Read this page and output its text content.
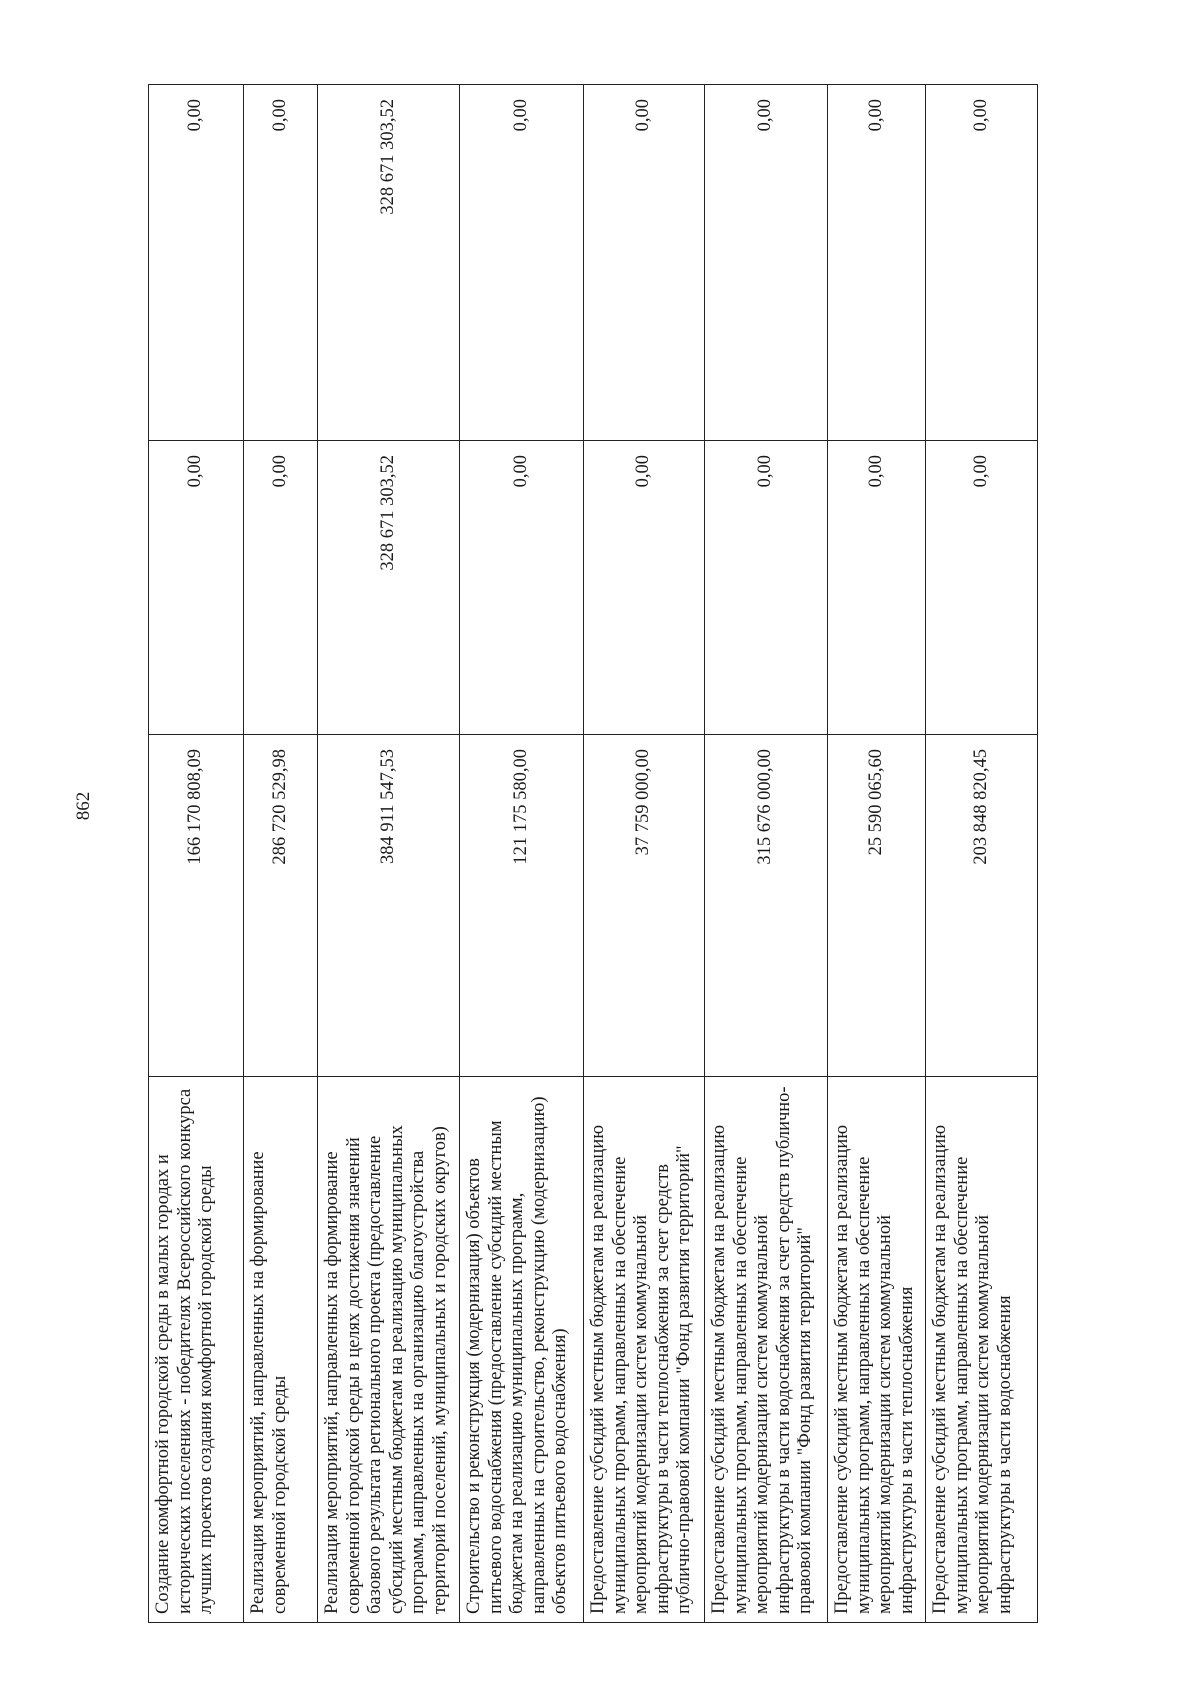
862
Создание комфортной городской среды в малых городах и исторических поселениях - победителях Всероссийского конкурса лучших проектов создания комфортной городской среды	166 170 808,09	0,00	0,00
Реализация мероприятий, направленных на формирование современной городской среды	286 720 529,98	0,00	0,00
Реализация мероприятий, направленных на формирование современной городской среды в целях достижения значений базового результата регионального проекта (предоставление субсидий местным бюджетам на реализацию муниципальных программ, направленных на организацию благоустройства территорий поселений, муниципальных и городских округов)	384 911 547,53	328 671 303,52	328 671 303,52
Строительство и реконструкция (модернизация) объектов питьевого водоснабжения (предоставление субсидий местным бюджетам на реализацию муниципальных программ, направленных на строительство, реконструкцию (модернизацию) объектов питьевого водоснабжения)	121 175 580,00	0,00	0,00
Предоставление субсидий местным бюджетам на реализацию муниципальных программ, направленных на обеспечение мероприятий модернизации систем коммунальной инфраструктуры в части теплоснабжения за счет средств публично-правовой компании "Фонд развития территорий"	37 759 000,00	0,00	0,00
Предоставление субсидий местным бюджетам на реализацию муниципальных программ, направленных на обеспечение мероприятий модернизации систем коммунальной инфраструктуры в части водоснабжения за счет средств публично-правовой компании "Фонд развития территорий"	315 676 000,00	0,00	0,00
Предоставление субсидий местным бюджетам на реализацию муниципальных программ, направленных на обеспечение мероприятий модернизации систем коммунальной инфраструктуры в части теплоснабжения	25 590 065,60	0,00	0,00
Предоставление субсидий местным бюджетам на реализацию муниципальных программ, направленных на обеспечение мероприятий модернизации систем коммунальной инфраструктуры в части водоснабжения	203 848 820,45	0,00	0,00
